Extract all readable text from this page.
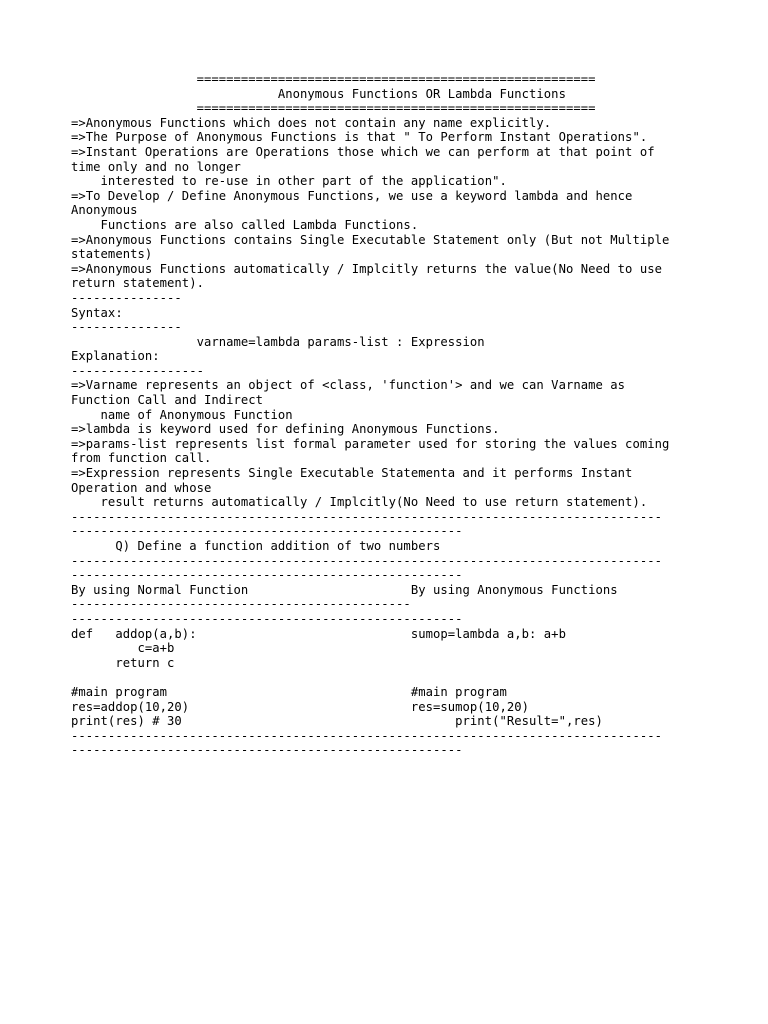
======================================================
Anonymous Functions OR Lambda Functions
======================================================
=>Anonymous Functions which does not contain any name explicitly.
=>The Purpose of Anonymous Functions is that " To Perform Instant Operations".
=>Instant Operations are Operations those which we can perform at that point of
time only and no longer
interested to re-use in other part of the application".
=>To Develop / Define Anonymous Functions, we use a keyword lambda and hence
Anonymous
Functions are also called Lambda Functions.
=>Anonymous Functions contains Single Executable Statement only (But not Multiple
statements)
=>Anonymous Functions automatically / Implcitly returns the value(No Need to use
return statement).
---------------
Syntax:
---------------
varname=lambda params-list : Expression
Explanation:
------------------
=>Varname represents an object of <class, 'function'> and we can Varname as
Function Call and Indirect
name of Anonymous Function
=>lambda is keyword used for defining Anonymous Functions.
=>params-list represents list formal parameter used for storing the values coming
from function call.
=>Expression represents Single Executable Statementa and it performs Instant
Operation and whose
result returns automatically / Implcitly(No Need to use return statement).
--------------------------------------------------------------------------------
-----------------------------------------------------
Q) Define a function addition of two numbers
--------------------------------------------------------------------------------
-----------------------------------------------------
By using Normal Function                      By using Anonymous Functions
----------------------------------------------
-----------------------------------------------------
def   addop(a,b):                             sumop=lambda a,b: a+b
c=a+b
return c
#main program                                 #main program
res=addop(10,20)                              res=sumop(10,20)
print(res) # 30                                     print("Result=",res)
--------------------------------------------------------------------------------
-----------------------------------------------------
